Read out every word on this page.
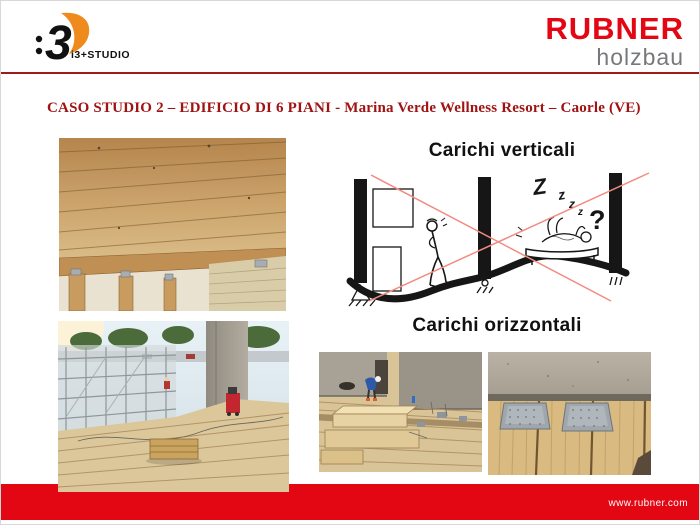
3 i3+STUDIO
RUBNER
holzbau
CASO STUDIO 2 – EDIFICIO DI 6 PIANI - Marina Verde Wellness Resort – Caorle (VE)
Carichi verticali
Z z
z
z ?
Carichi orizzontali
www.rubner.com
